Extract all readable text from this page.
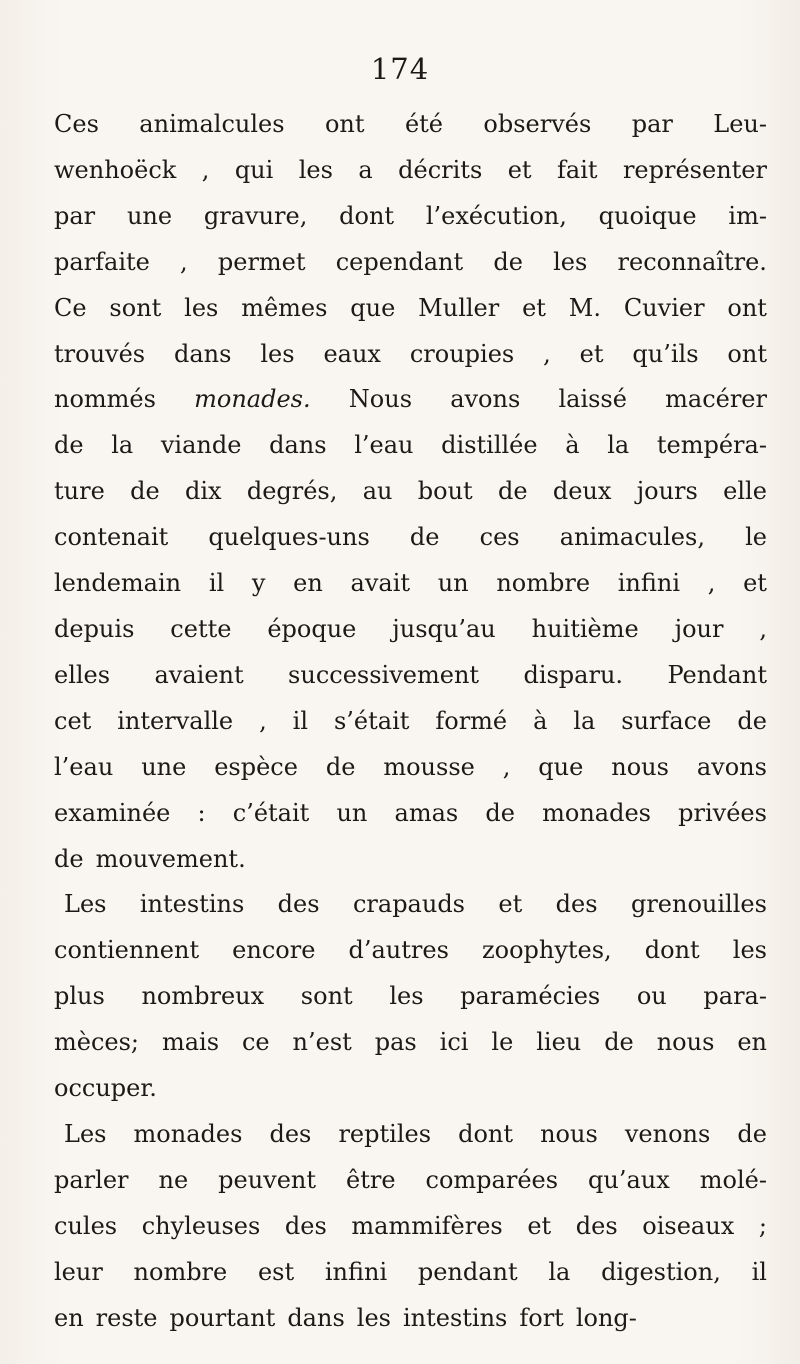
174
Ces animalcules ont été observés par Leu-
wenhoëck , qui les a décrits et fait représenter
par une gravure, dont l’exécution, quoique im-
parfaite , permet cependant de les reconnaître.
Ce sont les mêmes que Muller et M. Cuvier ont
trouvés dans les eaux croupies , et qu’ils ont
nommés monades. Nous avons laissé macérer
de la viande dans l’eau distillée à la tempéra-
ture de dix degrés, au bout de deux jours elle
contenait quelques-uns de ces animacules, le
lendemain il y en avait un nombre infini , et
depuis cette époque jusqu’au huitième jour ,
elles avaient successivement disparu. Pendant
cet intervalle , il s’était formé à la surface de
l’eau une espèce de mousse , que nous avons
examinée : c’était un amas de monades privées
de mouvement.
Les intestins des crapauds et des grenouilles
contiennent encore d’autres zoophytes, dont les
plus nombreux sont les paramécies ou para-
mèces; mais ce n’est pas ici le lieu de nous en
occuper.
Les monades des reptiles dont nous venons de
parler ne peuvent être comparées qu’aux molé-
cules chyleuses des mammifères et des oiseaux ;
leur nombre est infini pendant la digestion, il
en reste pourtant dans les intestins fort long-
